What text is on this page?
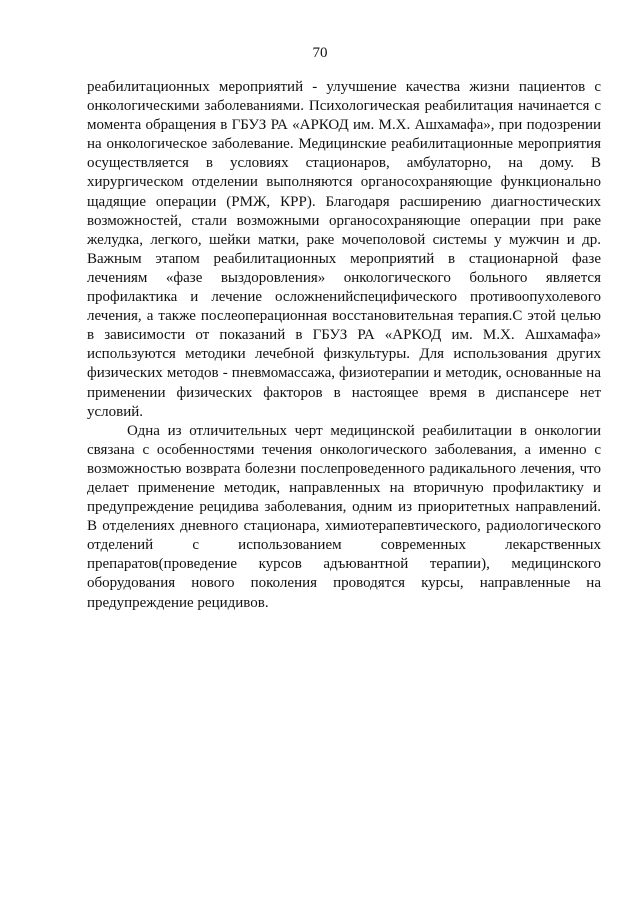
70

реабилитационных мероприятий - улучшение качества жизни пациентов с онкологическими заболеваниями. Психологическая реабилитация начинается с момента обращения в ГБУЗ РА «АРКОД им. М.Х. Ашхамафа», при подозрении на онкологическое заболевание. Медицинские реабилитационные мероприятия осуществляется в условиях стационаров, амбулаторно, на дому. В хирургическом отделении выполняются органосохраняющие функционально щадящие операции (РМЖ, КРР). Благодаря расширению диагностических возможностей, стали возможными органосохраняющие операции при раке желудка, легкого, шейки матки, раке мочеполовой системы у мужчин и др. Важным этапом реабилитационных мероприятий в стационарной фазе лечениям «фазе выздоровления» онкологического больного является профилактика и лечение осложненийспецифического противоопухолевого лечения, а также послеоперационная восстановительная терапия.С этой целью в зависимости от показаний в ГБУЗ РА «АРКОД им. М.Х. Ашхамафа» используются методики лечебной физкультуры. Для использования других физических методов - пневмомассажа, физиотерапии и методик, основанные на применении физических факторов в настоящее время в диспансере нет условий.

Одна из отличительных черт медицинской реабилитации в онкологии связана с особенностями течения онкологического заболевания, а именно с возможностью возврата болезни послепроведенного радикального лечения, что делает применение методик, направленных на вторичную профилактику и предупреждение рецидива заболевания, одним из приоритетных направлений. В отделениях дневного стационара, химиотерапевтического, радиологического отделений с использованием современных лекарственных препаратов(проведение курсов адъювантной терапии), медицинского оборудования нового поколения проводятся курсы, направленные на предупреждение рецидивов.
